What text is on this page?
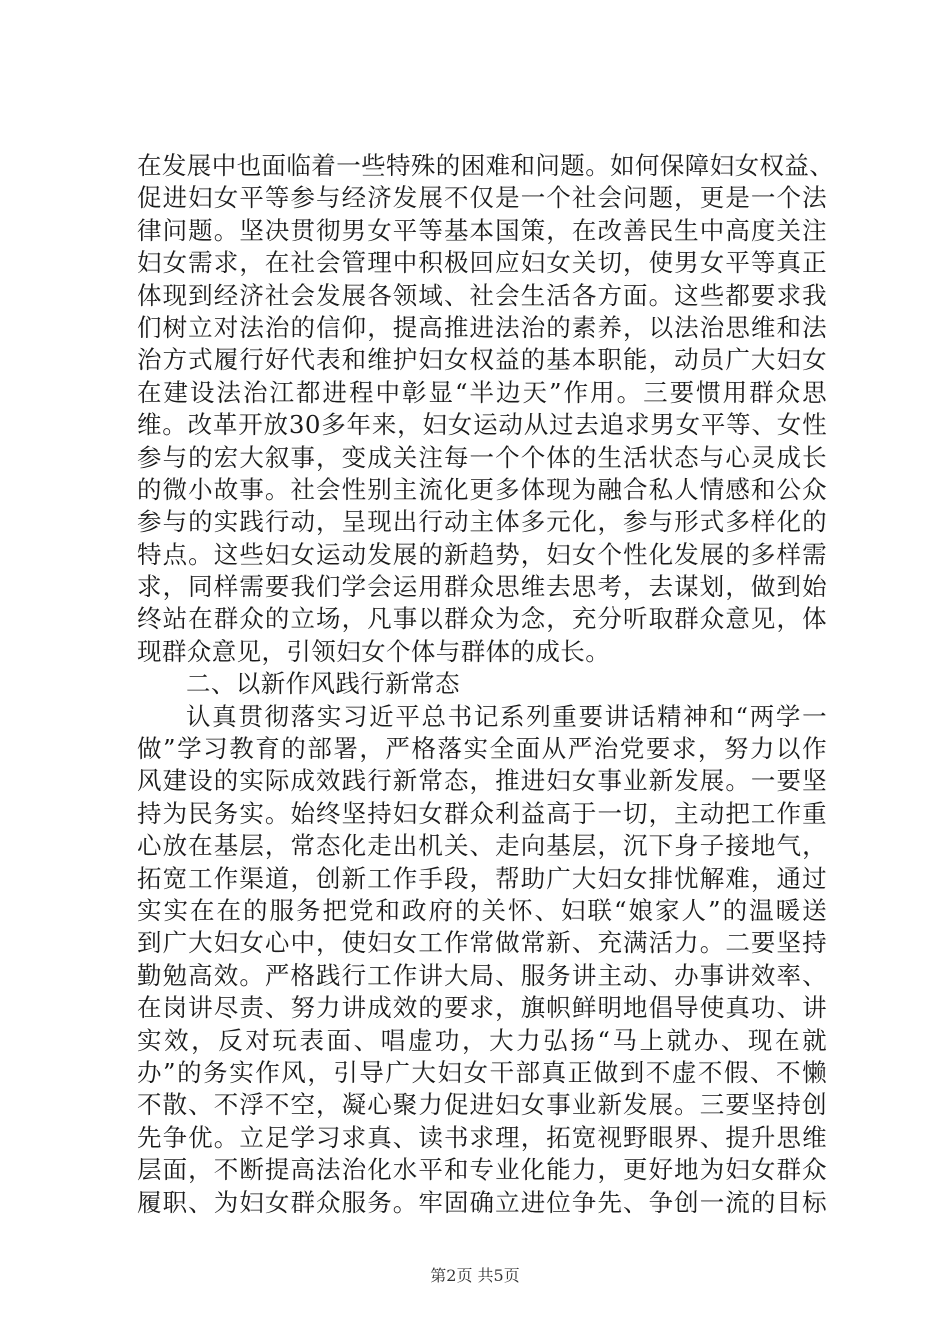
在发展中也面临着一些特殊的困难和问题。如何保障妇女权益、
促进妇女平等参与经济发展不仅是一个社会问题，更是一个法
律问题。坚决贯彻男女平等基本国策，在改善民生中高度关注
妇女需求，在社会管理中积极回应妇女关切，使男女平等真正
体现到经济社会发展各领域、社会生活各方面。这些都要求我
们树立对法治的信仰，提高推进法治的素养，以法治思维和法
治方式履行好代表和维护妇女权益的基本职能，动员广大妇女
在建设法治江都进程中彰显“半边天”作用。三要惯用群众思
维。改革开放30多年来，妇女运动从过去追求男女平等、女性
参与的宏大叙事，变成关注每一个个体的生活状态与心灵成长
的微小故事。社会性别主流化更多体现为融合私人情感和公众
参与的实践行动，呈现出行动主体多元化，参与形式多样化的
特点。这些妇女运动发展的新趋势，妇女个性化发展的多样需
求，同样需要我们学会运用群众思维去思考，去谋划，做到始
终站在群众的立场，凡事以群众为念，充分听取群众意见，体
现群众意见，引领妇女个体与群体的成长。
二、以新作风践行新常态
认真贯彻落实习近平总书记系列重要讲话精神和“两学一
做”学习教育的部署，严格落实全面从严治党要求，努力以作
风建设的实际成效践行新常态，推进妇女事业新发展。一要坚
持为民务实。始终坚持妇女群众利益高于一切，主动把工作重
心放在基层，常态化走出机关、走向基层，沉下身子接地气，
拓宽工作渠道，创新工作手段，帮助广大妇女排忧解难，通过
实实在在的服务把党和政府的关怀、妇联“娘家人”的温暖送
到广大妇女心中，使妇女工作常做常新、充满活力。二要坚持
勤勉高效。严格践行工作讲大局、服务讲主动、办事讲效率、
在岗讲尽责、努力讲成效的要求，旗帜鲜明地倡导使真功、讲
实效，反对玩表面、唱虚功，大力弘扬“马上就办、现在就
办”的务实作风，引导广大妇女干部真正做到不虚不假、不懒
不散、不浮不空，凝心聚力促进妇女事业新发展。三要坚持创
先争优。立足学习求真、读书求理，拓宽视野眼界、提升思维
层面，不断提高法治化水平和专业化能力，更好地为妇女群众
履职、为妇女群众服务。牢固确立进位争先、争创一流的目标
第2页 共5页
